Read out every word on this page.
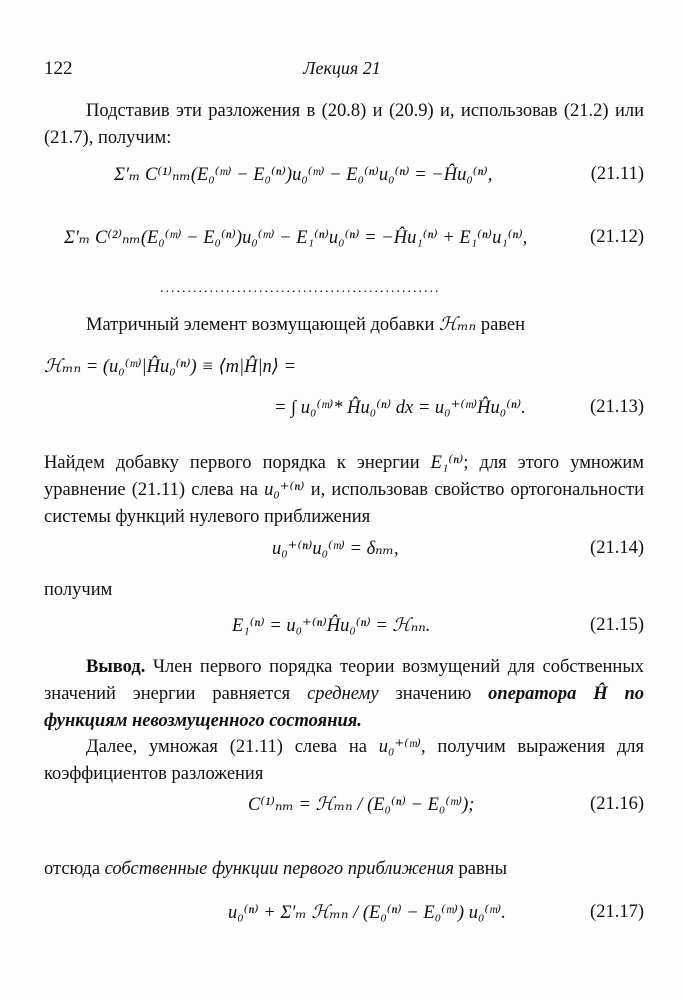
122	Лекция 21
Подставив эти разложения в (20.8) и (20.9) и, использовав (21.2) или (21.7), получим:
Σ′ₘ C⁽¹⁾ₙₘ(E₀⁽ᵐ⁾ − E₀⁽ⁿ⁾)u₀⁽ᵐ⁾ − E₀⁽ⁿ⁾u₀⁽ⁿ⁾ = −Ĥu₀⁽ⁿ⁾,	(21.11)
Σ′ₘ C⁽²⁾ₙₘ(E₀⁽ᵐ⁾ − E₀⁽ⁿ⁾)u₀⁽ᵐ⁾ − E₁⁽ⁿ⁾u₀⁽ⁿ⁾ = −Ĥu₁⁽ⁿ⁾ + E₁⁽ⁿ⁾u₁⁽ⁿ⁾,	(21.12)
...................................................
Матричный элемент возмущающей добавки ℋₘₙ равен
ℋₘₙ = (u₀⁽ᵐ⁾|Ĥu₀⁽ⁿ⁾) ≡ ⟨m|Ĥ|n⟩ =
= ∫ u₀⁽ᵐ⁾* Ĥu₀⁽ⁿ⁾ dx = u₀⁺⁽ᵐ⁾Ĥu₀⁽ⁿ⁾.	(21.13)
Найдем добавку первого порядка к энергии E₁⁽ⁿ⁾; для этого умножим уравнение (21.11) слева на u₀⁺⁽ⁿ⁾ и, использовав свойство ортогональности системы функций нулевого приближения
u₀⁺⁽ⁿ⁾u₀⁽ᵐ⁾ = δₙₘ,	(21.14)
получим
E₁⁽ⁿ⁾ = u₀⁺⁽ⁿ⁾Ĥu₀⁽ⁿ⁾ = ℋₙₙ.	(21.15)
Вывод. Член первого порядка теории возмущений для собственных значений энергии равняется среднему значению оператора Ĥ по функциям невозмущенного состояния.
Далее, умножая (21.11) слева на u₀⁺⁽ᵐ⁾, получим выражения для коэффициентов разложения
C⁽¹⁾ₙₘ = ℋₘₙ / (E₀⁽ⁿ⁾ − E₀⁽ᵐ⁾);	(21.16)
отсюда собственные функции первого приближения равны
u₀⁽ⁿ⁾ + Σ′ₘ ℋₘₙ / (E₀⁽ⁿ⁾ − E₀⁽ᵐ⁾) u₀⁽ᵐ⁾.	(21.17)
